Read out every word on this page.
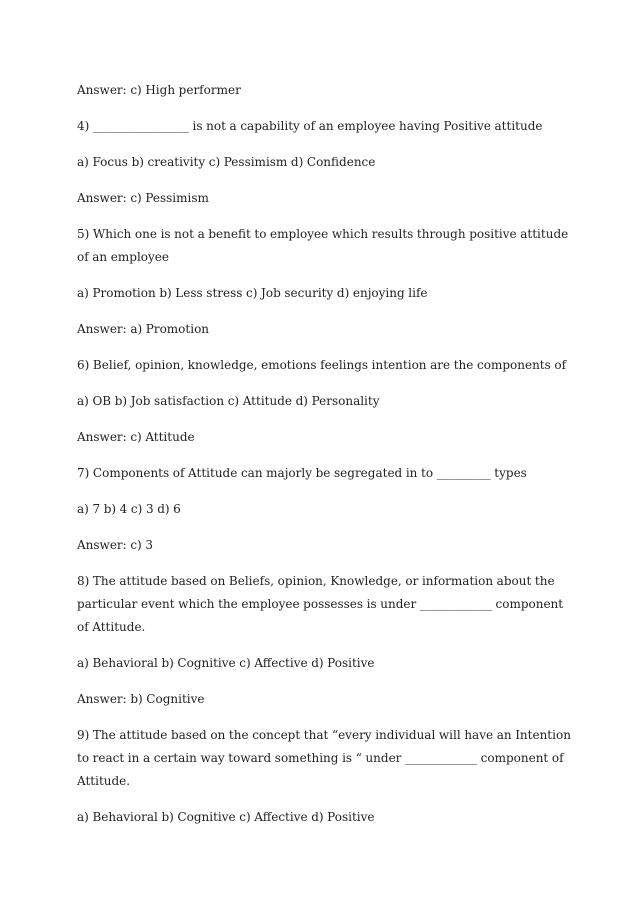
Answer: c) High performer

4) ________________ is not a capability of an employee having Positive attitude

a) Focus b) creativity c) Pessimism d) Confidence

Answer: c) Pessimism

5) Which one is not a benefit to employee which results through positive attitude of an employee

a) Promotion b) Less stress c) Job security d) enjoying life

Answer: a) Promotion

6) Belief, opinion, knowledge, emotions feelings intention are the components of

a) OB b) Job satisfaction c) Attitude d) Personality

Answer: c) Attitude

7) Components of Attitude can majorly be segregated in to _________ types

a) 7 b) 4 c) 3 d) 6

Answer: c) 3

8) The attitude based on Beliefs, opinion, Knowledge, or information about the particular event which the employee possesses is under ____________ component of Attitude.

a) Behavioral b) Cognitive c) Affective d) Positive

Answer: b) Cognitive

9) The attitude based on the concept that “every individual will have an Intention to react in a certain way toward something is “ under ____________ component of Attitude.

a) Behavioral b) Cognitive c) Affective d) Positive
